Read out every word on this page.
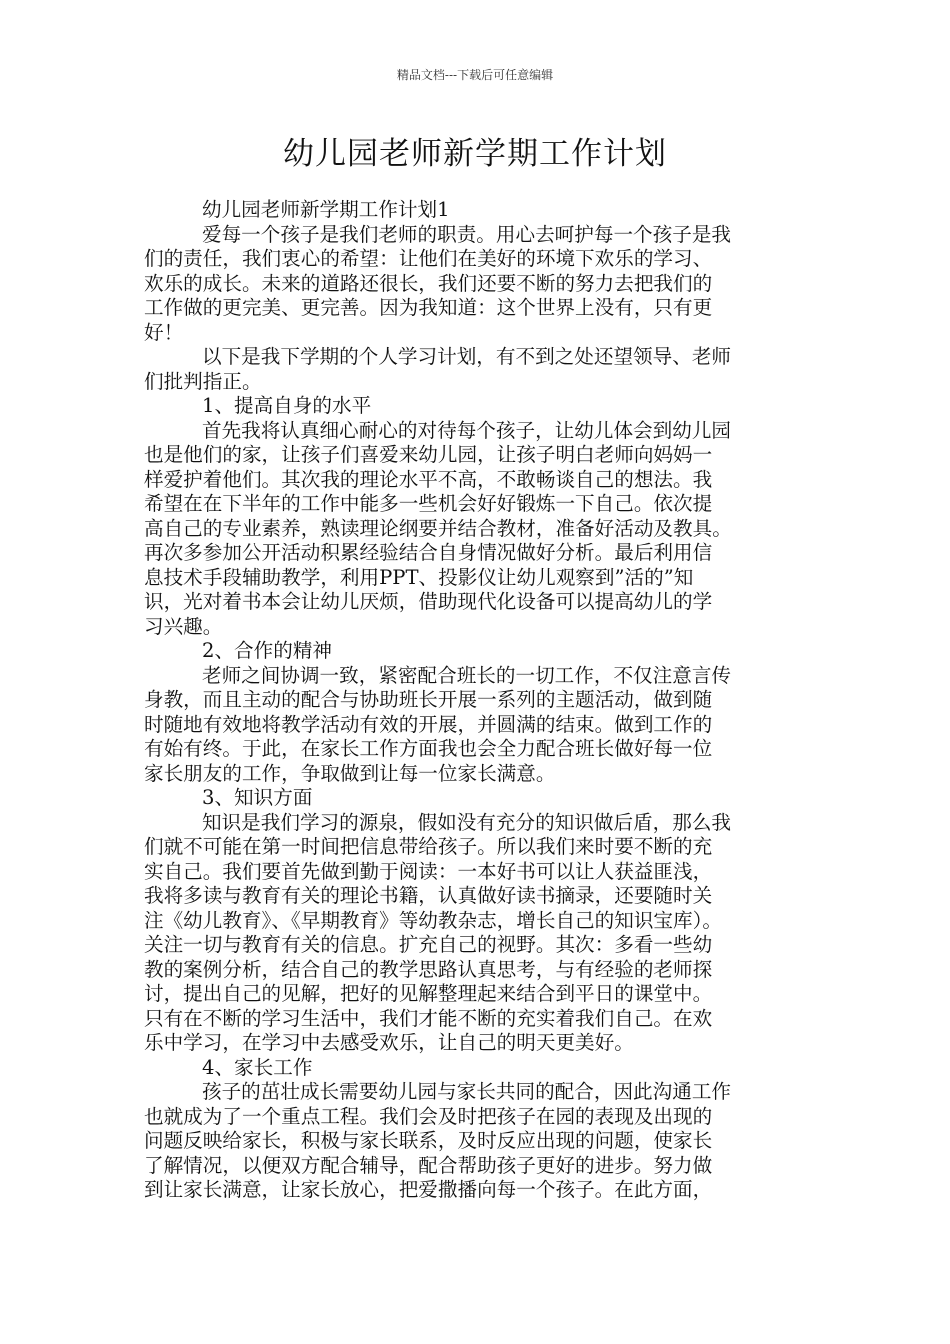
精品文档---下载后可任意编辑
幼儿园老师新学期工作计划
幼儿园老师新学期工作计划1
爱每一个孩子是我们老师的职责。用心去呵护每一个孩子是我
们的责任，我们衷心的希望：让他们在美好的环境下欢乐的学习、
欢乐的成长。未来的道路还很长，我们还要不断的努力去把我们的
工作做的更完美、更完善。因为我知道：这个世界上没有，只有更
好！
以下是我下学期的个人学习计划，有不到之处还望领导、老师
们批判指正。
1、提高自身的水平
首先我将认真细心耐心的对待每个孩子，让幼儿体会到幼儿园
也是他们的家，让孩子们喜爱来幼儿园，让孩子明白老师向妈妈一
样爱护着他们。其次我的理论水平不高，不敢畅谈自己的想法。我
希望在在下半年的工作中能多一些机会好好锻炼一下自己。依次提
高自己的专业素养，熟读理论纲要并结合教材，准备好活动及教具。
再次多参加公开活动积累经验结合自身情况做好分析。最后利用信
息技术手段辅助教学，利用PPT、投影仪让幼儿观察到”活的”知
识，光对着书本会让幼儿厌烦，借助现代化设备可以提高幼儿的学
习兴趣。
2、合作的精神
老师之间协调一致，紧密配合班长的一切工作，不仅注意言传
身教，而且主动的配合与协助班长开展一系列的主题活动，做到随
时随地有效地将教学活动有效的开展，并圆满的结束。做到工作的
有始有终。于此，在家长工作方面我也会全力配合班长做好每一位
家长朋友的工作，争取做到让每一位家长满意。
3、知识方面
知识是我们学习的源泉，假如没有充分的知识做后盾，那么我
们就不可能在第一时间把信息带给孩子。所以我们来时要不断的充
实自己。我们要首先做到勤于阅读：一本好书可以让人获益匪浅，
我将多读与教育有关的理论书籍，认真做好读书摘录，还要随时关
注《幼儿教育》、《早期教育》等幼教杂志，增长自己的知识宝库）。
关注一切与教育有关的信息。扩充自己的视野。其次：多看一些幼
教的案例分析，结合自己的教学思路认真思考，与有经验的老师探
讨，提出自己的见解，把好的见解整理起来结合到平日的课堂中。
只有在不断的学习生活中，我们才能不断的充实着我们自己。在欢
乐中学习，在学习中去感受欢乐，让自己的明天更美好。
4、家长工作
孩子的茁壮成长需要幼儿园与家长共同的配合，因此沟通工作
也就成为了一个重点工程。我们会及时把孩子在园的表现及出现的
问题反映给家长，积极与家长联系，及时反应出现的问题，使家长
了解情况，以便双方配合辅导，配合帮助孩子更好的进步。努力做
到让家长满意，让家长放心，把爱撒播向每一个孩子。在此方面，
